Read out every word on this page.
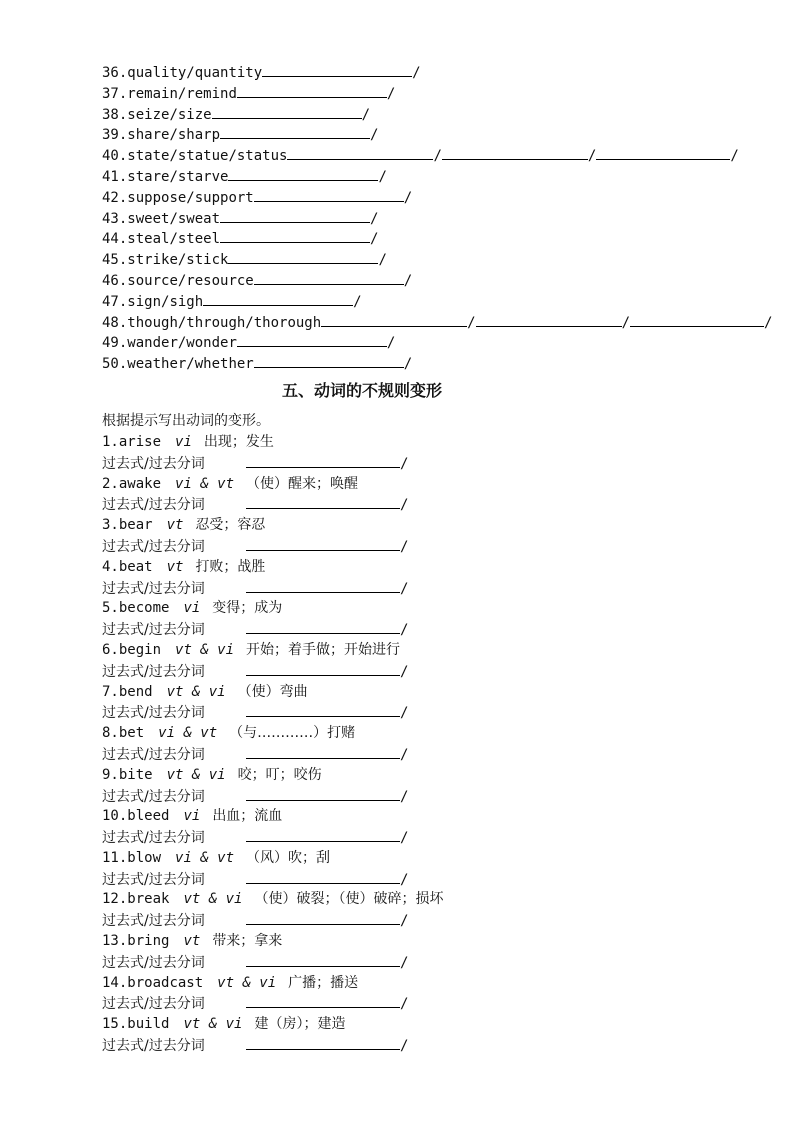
36.quality/quantity	/
37.remain/remind	/
38.seize/size	/
39.share/sharp	/
40.state/statue/status	/	/	/
41.stare/starve	/
42.suppose/support	/
43.sweet/sweat	/
44.steal/steel	/
45.strike/stick	/
46.source/resource	/
47.sign/sigh	/
48.though/through/thorough	/	/	/
49.wander/wonder	/
50.weather/whether	/
五、动词的不规则变形
根据提示写出动词的变形。
1.arise vi 出现；发生
过去式/过去分词	/
2.awake vi & vt （使）醒来；唤醒
过去式/过去分词	/
3.bear vt 忍受；容忍
过去式/过去分词	/
4.beat vt 打败；战胜
过去式/过去分词	/
5.become vi 变得；成为
过去式/过去分词	/
6.begin vt & vi 开始；着手做；开始进行
过去式/过去分词	/
7.bend vt & vi （使）弯曲
过去式/过去分词	/
8.bet vi & vt （与…………）打赌
过去式/过去分词	/
9.bite vt & vi 咬；叮；咬伤
过去式/过去分词	/
10.bleed vi 出血；流血
过去式/过去分词	/
11.blow vi & vt （风）吹；刮
过去式/过去分词	/
12.break vt & vi （使）破裂；（使）破碎；损坏
过去式/过去分词	/
13.bring vt 带来；拿来
过去式/过去分词	/
14.broadcast vt & vi 广播；播送
过去式/过去分词	/
15.build vt & vi 建（房）；建造
过去式/过去分词	/
